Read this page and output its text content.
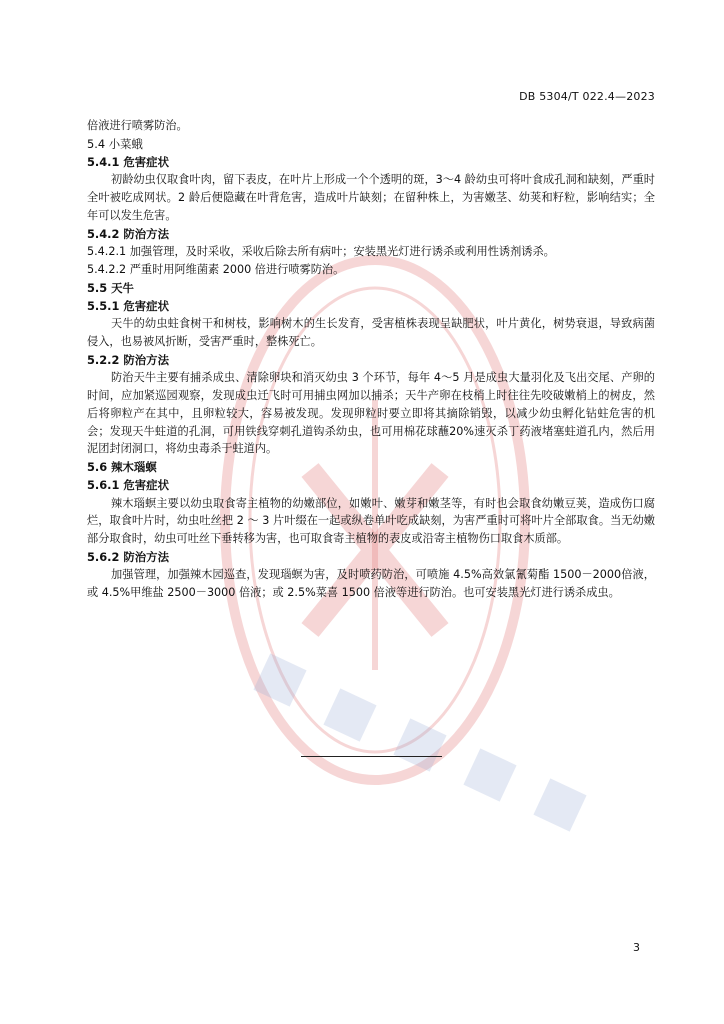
DB 5304/T 022.4—2023

倍液进行喷雾防治。

5.4 小菜蛾

5.4.1 危害症状

初龄幼虫仅取食叶肉，留下表皮，在叶片上形成一个个透明的斑，3～4 龄幼虫可将叶食成孔洞和缺刻，严重时全叶被吃成网状。2 龄后便隐藏在叶背危害，造成叶片缺刻；在留种株上，为害嫩茎、幼荚和籽粒，影响结实；全年可以发生危害。

5.4.2 防治方法

5.4.2.1 加强管理，及时采收，采收后除去所有病叶；安装黑光灯进行诱杀或利用性诱剂诱杀。

5.4.2.2 严重时用阿维菌素 2000 倍进行喷雾防治。

5.5 天牛

5.5.1 危害症状

天牛的幼虫蛀食树干和树枝，影响树木的生长发育，受害植株表现呈缺肥状，叶片黄化，树势衰退，导致病菌侵入，也易被风折断，受害严重时，整株死亡。

5.2.2 防治方法

防治天牛主要有捕杀成虫、清除卵块和消灭幼虫 3 个环节，每年 4～5 月是成虫大量羽化及飞出交尾、产卵的时间，应加紧巡园观察，发现成虫迁飞时可用捕虫网加以捕杀；天牛产卵在枝梢上时往往先咬破嫩梢上的树皮，然后将卵粒产在其中，且卵粒较大，容易被发现。发现卵粒时要立即将其摘除销毁，以减少幼虫孵化钻蛀危害的机会；发现天牛蛀道的孔洞，可用铁线穿刺孔道钩杀幼虫，也可用棉花球蘸20%速灭杀丁药液堵塞蛀道孔内，然后用泥团封闭洞口，将幼虫毒杀于蛀道内。

5.6 辣木瑙螟

5.6.1 危害症状

辣木瑙螟主要以幼虫取食寄主植物的幼嫩部位，如嫩叶、嫩芽和嫩茎等，有时也会取食幼嫩豆荚，造成伤口腐烂，取食叶片时，幼虫吐丝把 2 ～ 3 片叶缀在一起或纵卷单叶吃成缺刻，为害严重时可将叶片全部取食。当无幼嫩部分取食时，幼虫可吐丝下垂转移为害，也可取食寄主植物的表皮或沿寄主植物伤口取食木质部。

5.6.2 防治方法

加强管理，加强辣木园巡查，发现瑙螟为害，及时喷药防治，可喷施 4.5%高效氯氰菊酯 1500－2000倍液，或 4.5%甲维盐 2500－3000 倍液；或 2.5%菜喜 1500 倍液等进行防治。也可安装黑光灯进行诱杀成虫。

3
